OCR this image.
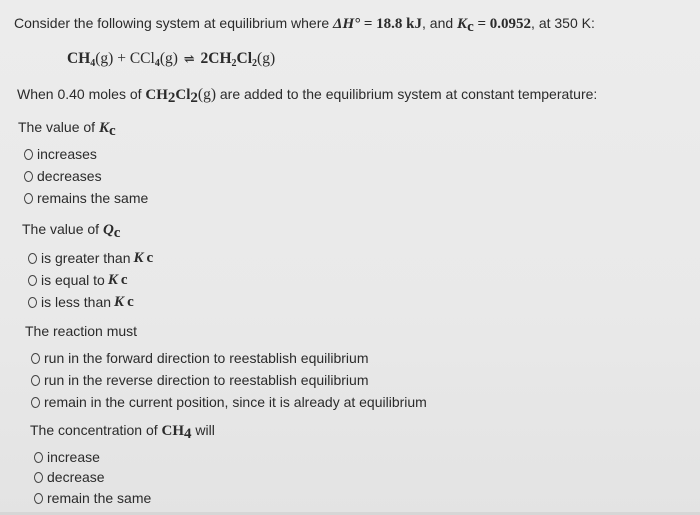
Consider the following system at equilibrium where ΔH° = 18.8 kJ, and $K_c = 0.0952$, at 350 K:
$CH_4(g) + CCl_4(g)$ ⇌ $2CH_2Cl_2(g)$
When 0.40 moles of $CH_2Cl_2(g)$ are added to the equilibrium system at constant temperature:
The value of $K_c$
increases
decreases
remains the same
The value of $Q_c$
is greater than K c
is equal to K c
is less than K c
The reaction must
run in the forward direction to reestablish equilibrium
run in the reverse direction to reestablish equilibrium
remain in the current position, since it is already at equilibrium
The concentration of $CH_4$ will
increase
decrease
remain the same
